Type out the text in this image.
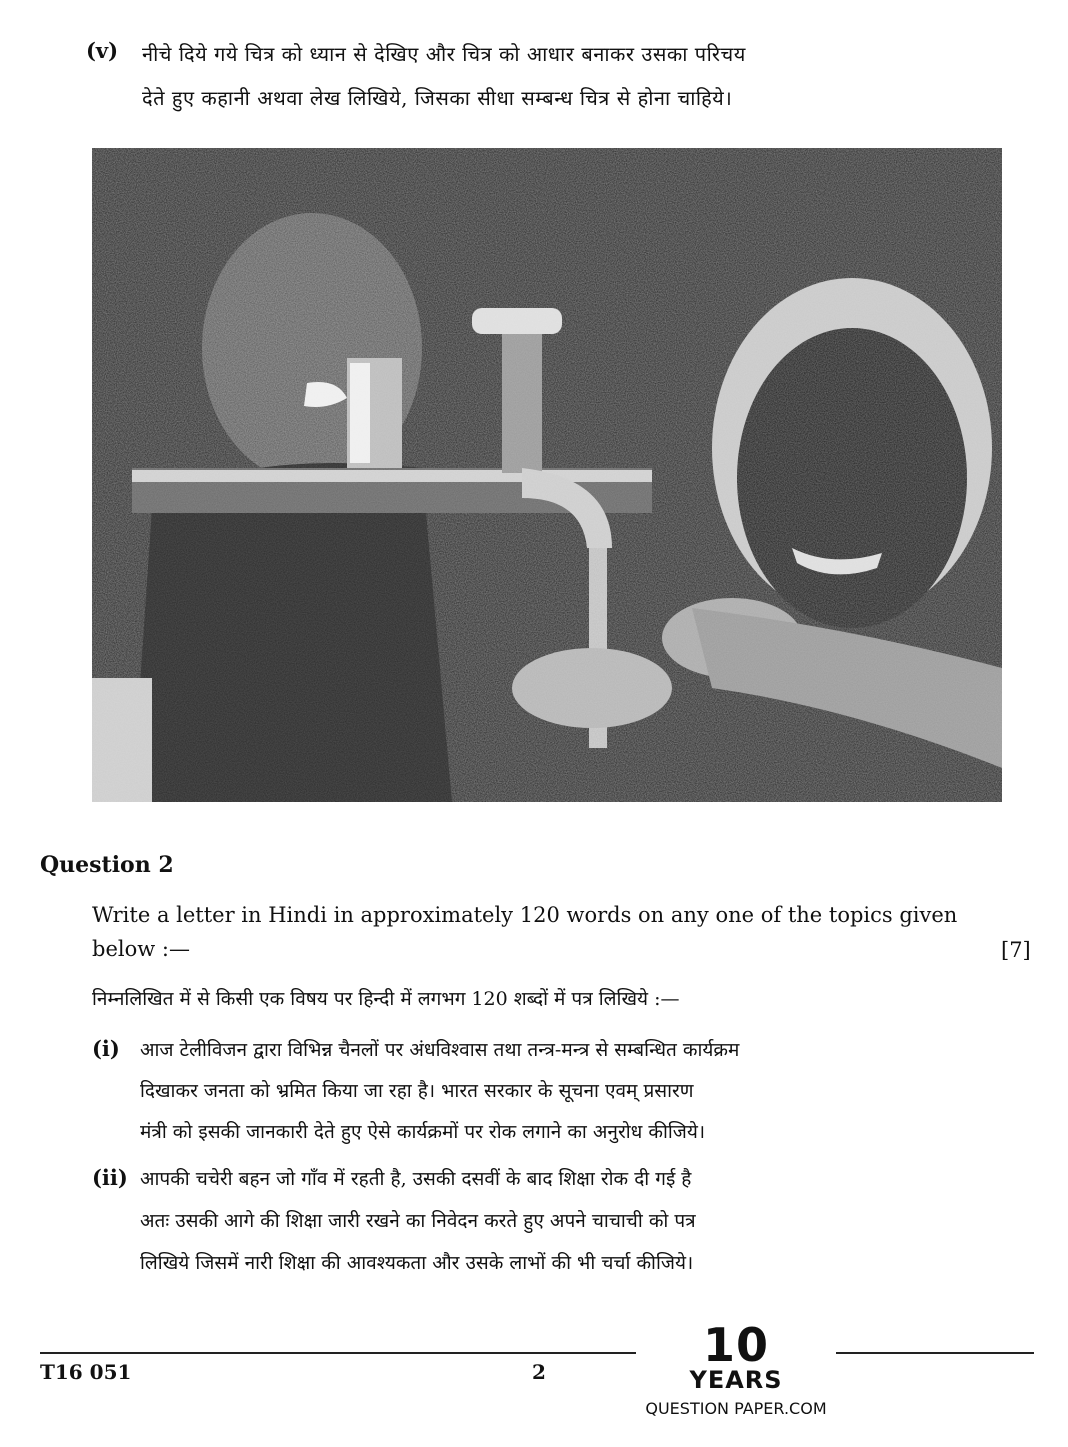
(v) नीचे दिये गये चित्र को ध्यान से देखिए और चित्र को आधार बनाकर उसका परिचय
देते हुए कहानी अथवा लेख लिखिये, जिसका सीधा सम्बन्ध चित्र से होना चाहिये।
Question 2
Write a letter in Hindi in approximately 120 words on any one of the topics given
below :—	[7]
निम्नलिखित में से किसी एक विषय पर हिन्दी में लगभग 120 शब्दों में पत्र लिखिये :—
(i) आज टेलीविजन द्वारा विभिन्न चैनलों पर अंधविश्वास तथा तन्त्र-मन्त्र से सम्बन्धित कार्यक्रम
दिखाकर जनता को भ्रमित किया जा रहा है। भारत सरकार के सूचना एवम् प्रसारण
मंत्री को इसकी जानकारी देते हुए ऐसे कार्यक्रमों पर रोक लगाने का अनुरोध कीजिये।
(ii) आपकी चचेरी बहन जो गाँव में रहती है, उसकी दसवीं के बाद शिक्षा रोक दी गई है
अतः उसकी आगे की शिक्षा जारी रखने का निवेदन करते हुए अपने चाचाची को पत्र
लिखिये जिसमें नारी शिक्षा की आवश्यकता और उसके लाभों की भी चर्चा कीजिये।
T16 051	2	10
YEARS
QUESTION PAPER.COM
